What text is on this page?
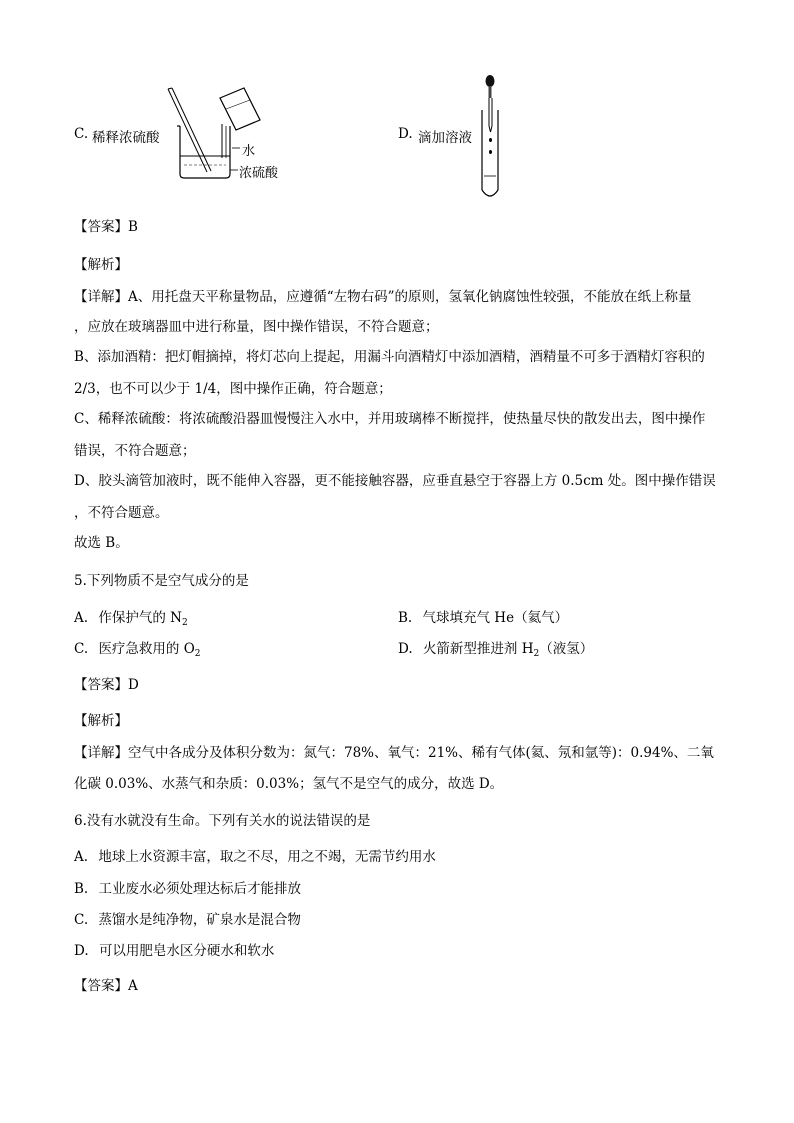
C. 稀释浓硫酸
水
浓硫酸
D. 滴加溶液
【答案】B
【解析】
【详解】A、用托盘天平称量物品，应遵循“左物右码”的原则，氢氧化钠腐蚀性较强，不能放在纸上称量
，应放在玻璃器皿中进行称量，图中操作错误，不符合题意；
B、添加酒精：把灯帽摘掉，将灯芯向上提起，用漏斗向酒精灯中添加酒精，酒精量不可多于酒精灯容积的
2/3，也不可以少于 1/4，图中操作正确，符合题意；
C、稀释浓硫酸：将浓硫酸沿器皿慢慢注入水中，并用玻璃棒不断搅拌，使热量尽快的散发出去，图中操作
错误，不符合题意；
D、胶头滴管加液时，既不能伸入容器，更不能接触容器，应垂直悬空于容器上方 0.5cm 处。图中操作错误
，不符合题意。
故选 B。
5.下列物质不是空气成分的是
A. 作保护气的 $N_2$	B. 气球填充气 He（氦气）
C. 医疗急救用的 $O_2$	D. 火箭新型推进剂 $H_2$（液氢）
【答案】D
【解析】
【详解】空气中各成分及体积分数为：氮气：78%、氧气：21%、稀有气体(氦、氖和氩等)：0.94%、二氧
化碳 0.03%、水蒸气和杂质：0.03%；氢气不是空气的成分，故选 D。
6.没有水就没有生命。下列有关水的说法错误的是
A. 地球上水资源丰富，取之不尽，用之不竭，无需节约用水
B. 工业废水必须处理达标后才能排放
C. 蒸馏水是纯净物，矿泉水是混合物
D. 可以用肥皂水区分硬水和软水
【答案】A
